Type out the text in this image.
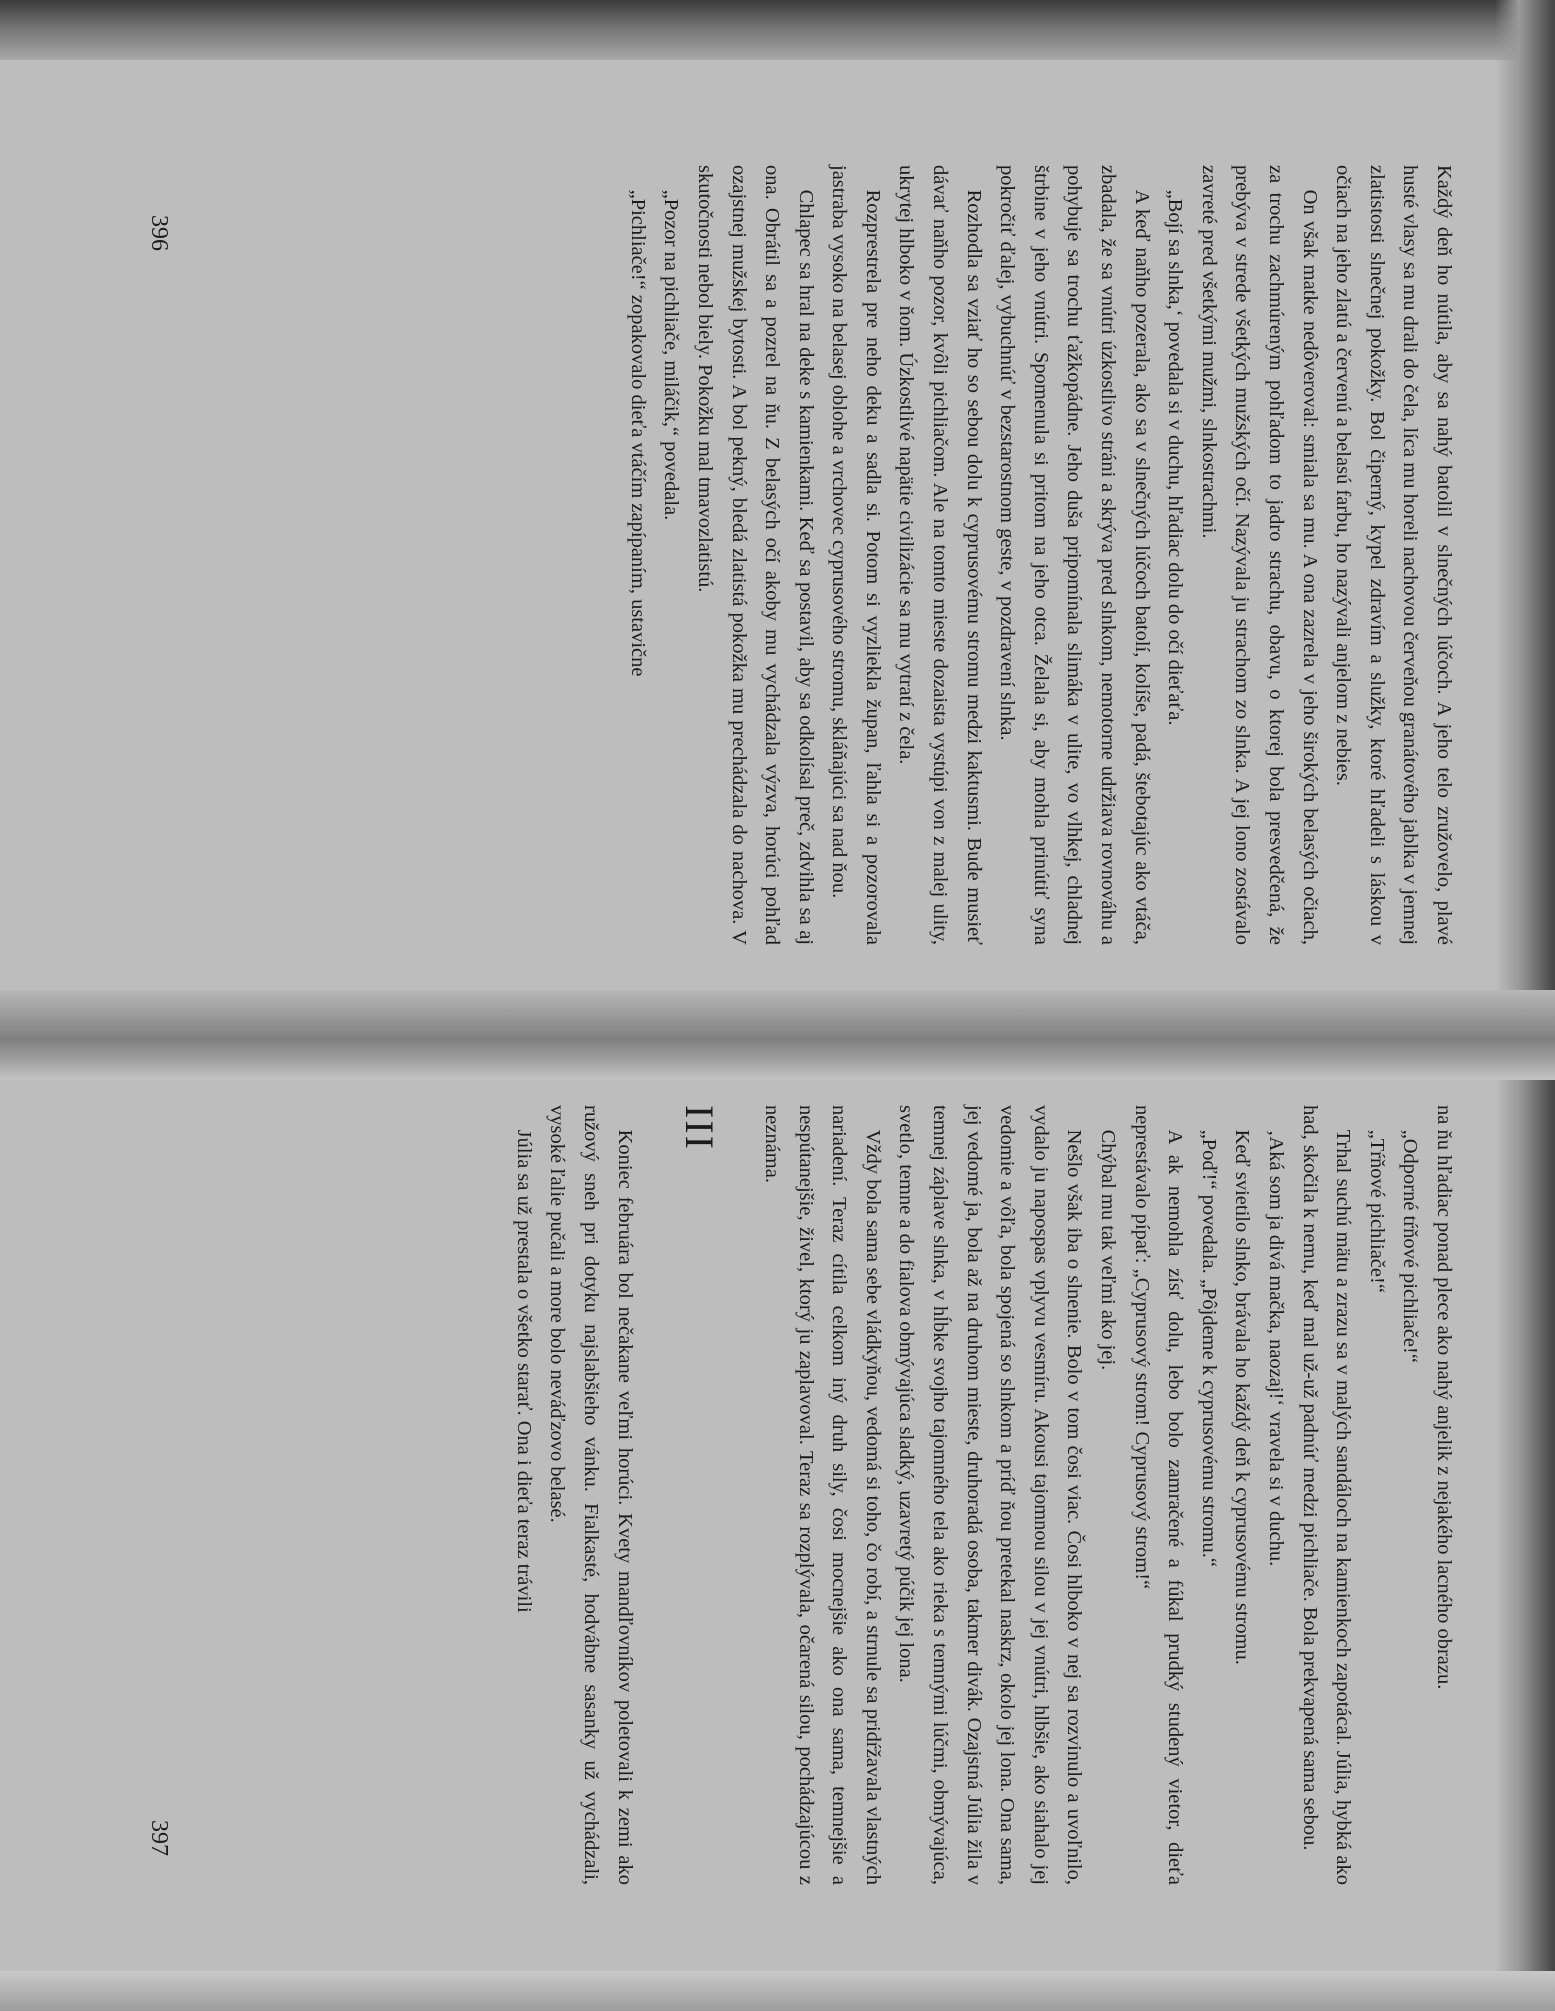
Každý deň ho nútila, aby sa nahý batolil v slnečných lúčoch. A jeho telo zružovelo, plavé husté vlasy sa mu drali do čela, líca mu horeli nachovou červeňou granátového jablka v jemnej zlatistosti slnečnej pokožky. Bol čiperný, kypel zdravím a služky, ktoré hľadeli s láskou v očiach na jeho zlatú a červenú a belasú farbu, ho nazývali anjelom z nebies.

On však matke nedôveroval: smiala sa mu. A ona zazrela v jeho širokých belasých očiach, za trochu zachmúreným pohľadom to jadro strachu, obavu, o ktorej bola presvedčená, že prebýva v strede všetkých mužských očí. Nazývala ju strachom zo slnka. A jej lono zostávalo zavreté pred všetkými mužmi, slnkostrachmi.

„Bojí sa slnka,‘ povedala si v duchu, hľadiac dolu do očí dieťaťa.

A keď naňho pozerala, ako sa v slnečných lúčoch batolí, kolíše, padá, štebotajúc ako vtáča, zbadala, že sa vnútri úzkostlivo stráni a skrýva pred slnkom, nemotorne udržiava rovnováhu a pohybuje sa trochu ťažkopádne. Jeho duša pripomínala slimáka v ulite, vo vlhkej, chladnej štrbine v jeho vnútri. Spomenula si pritom na jeho otca. Želala si, aby mohla prinútiť syna pokročiť ďalej, vybuchnúť v bezstarostnom geste, v pozdravení slnka.

Rozhodla sa vziať ho so sebou dolu k cyprusovému stromu medzi kaktusmi. Bude musieť dávať naňho pozor, kvôli pichliačom. Ale na tomto mieste dozaista vystúpi von z malej ulity, ukrytej hlboko v ňom. Úzkostlivé napätie civilizácie sa mu vytratí z čela.

Rozprestrela pre neho deku a sadla si. Potom si vyzliekla župan, ľahla si a pozorovala jastraba vysoko na belasej oblohe a vrchovec cyprusového stromu, skláňajúci sa nad ňou.

Chlapec sa hral na deke s kamienkami. Keď sa postavil, aby sa odkolísal preč, zdvihla sa aj ona. Obrátil sa a pozrel na ňu. Z belasých očí akoby mu vychádzala výzva, horúci pohľad ozajstnej mužskej bytosti. A bol pekný, bledá zlatistá pokožka mu prechádzala do nachova. V skutočnosti nebol biely. Pokožku mal tmavozlatistú.

„Pozor na pichliače, miláčik,“ povedala.

„Pichliače!“ zopakovalo dieťa vtáčím zapípaním, ustavične

396

na ňu hľadiac ponad plece ako nahý anjelik z nejakého lacného obrazu.

„Odporné tŕňové pichliače!“

„Tŕňové pichliače!“

Trhal suchú mätu a zrazu sa v malých sandáloch na kamienkoch zapotácal. Júlia, hybká ako had, skočila k nemu, keď mal už-už padnúť medzi pichliače. Bola prekvapená sama sebou.

‚Aká som ja divá mačka, naozaj!‘ vravela si v duchu.

Keď svietilo slnko, brávala ho každý deň k cyprusovému stromu.

„Poď!“ povedala. „Pôjdeme k cyprusovému stromu.“

A ak nemohla zísť dolu, lebo bolo zamračené a fúkal prudký studený vietor, dieťa neprestávalo pípať: „Cyprusový strom! Cyprusový strom!“

Chýbal mu tak veľmi ako jej.

Nešlo však iba o slnenie. Bolo v tom čosi viac. Čosi hlboko v nej sa rozvinulo a uvoľnilo, vydalo ju napospas vplyvu vesmíru. Akousi tajomnou silou v jej vnútri, hlbšie, ako siahalo jej vedomie a vôľa, bola spojená so slnkom a príď ňou pretekal naskrz, okolo jej lona. Ona sama, jej vedomé ja, bola až na druhom mieste, druhoradá osoba, takmer divák. Ozajstná Júlia žila v temnej záplave slnka, v hĺbke svojho tajomného tela ako rieka s temnými lúčmi, obmývajúca, svetlo, temne a do fialova obmývajúca sladký, uzavretý púčik jej lona.

Vždy bola sama sebe vládkyňou, vedomá si toho, čo robí, a strnule sa pridŕžavala vlastných nariadení. Teraz cítila celkom iný druh sily, čosi mocnejšie ako ona sama, temnejšie a nespútanejšie, živel, ktorý ju zaplavoval. Teraz sa rozplývala, očarená silou, pochádzajúcou z neznáma.

III

Koniec februára bol nečakane veľmi horúci. Kvety mandľovníkov poletovali k zemi ako ružový sneh pri dotyku najslabšieho vánku. Fialkasté, hodvábne sasanky už vychádzali, vysoké ľalie pučali a more bolo neváďzovo belasé.

Júlia sa už prestala o všetko starať. Ona i dieťa teraz trávili

397
